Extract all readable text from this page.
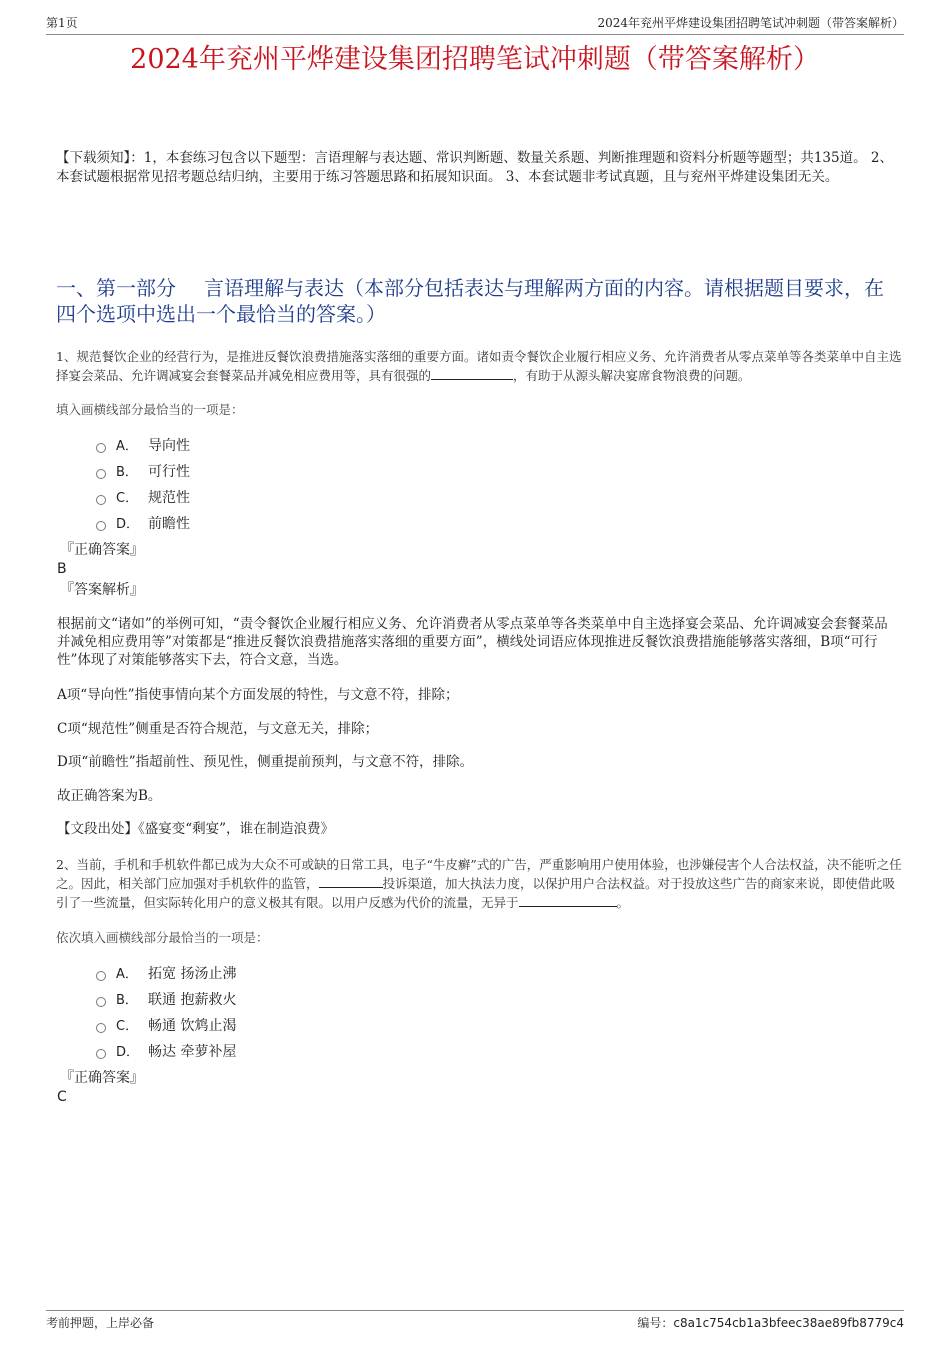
第1页	2024年兖州平烨建设集团招聘笔试冲刺题（带答案解析）
2024年兖州平烨建设集团招聘笔试冲刺题（带答案解析）
【下载须知】：1，本套练习包含以下题型：言语理解与表达题、常识判断题、数量关系题、判断推理题和资料分析题等题型；共135道。 2、本套试题根据常见招考题总结归纳，主要用于练习答题思路和拓展知识面。 3、本套试题非考试真题，且与兖州平烨建设集团无关。
一、第一部分 言语理解与表达（本部分包括表达与理解两方面的内容。请根据题目要求，在四个选项中选出一个最恰当的答案。）
1、规范餐饮企业的经营行为，是推进反餐饮浪费措施落实落细的重要方面。诸如责令餐饮企业履行相应义务、允许消费者从零点菜单等各类菜单中自主选择宴会菜品、允许调减宴会套餐菜品并减免相应费用等，具有很强的	，有助于从源头解决宴席食物浪费的问题。
填入画横线部分最恰当的一项是：
A． 导向性
B． 可行性
C． 规范性
D． 前瞻性
『正确答案』
B
『答案解析』
根据前文“诸如”的举例可知，“责令餐饮企业履行相应义务、允许消费者从零点菜单等各类菜单中自主选择宴会菜品、允许调减宴会套餐菜品并减免相应费用等”对策都是“推进反餐饮浪费措施落实落细的重要方面”，横线处词语应体现推进反餐饮浪费措施能够落实落细，B项“可行性”体现了对策能够落实下去，符合文意，当选。
A项“导向性”指使事情向某个方面发展的特性，与文意不符，排除；
C项“规范性”侧重是否符合规范，与文意无关，排除；
D项“前瞻性”指超前性、预见性，侧重提前预判，与文意不符，排除。
故正确答案为B。
【文段出处】《盛宴变“剩宴”，谁在制造浪费》
2、当前，手机和手机软件都已成为大众不可或缺的日常工具，电子“牛皮癣”式的广告，严重影响用户使用体验，也涉嫌侵害个人合法权益，决不能听之任之。因此，相关部门应加强对手机软件的监管，	投诉渠道，加大执法力度，以保护用户合法权益。对于投放这些广告的商家来说，即使借此吸引了一些流量，但实际转化用户的意义极其有限。以用户反感为代价的流量，无异于	。
依次填入画横线部分最恰当的一项是：
A． 拓宽 扬汤止沸
B． 联通 抱薪救火
C． 畅通 饮鸩止渴
D． 畅达 牵萝补屋
『正确答案』
C
考前押题，上岸必备	编号：c8a1c754cb1a3bfeec38ae89fb8779c4
